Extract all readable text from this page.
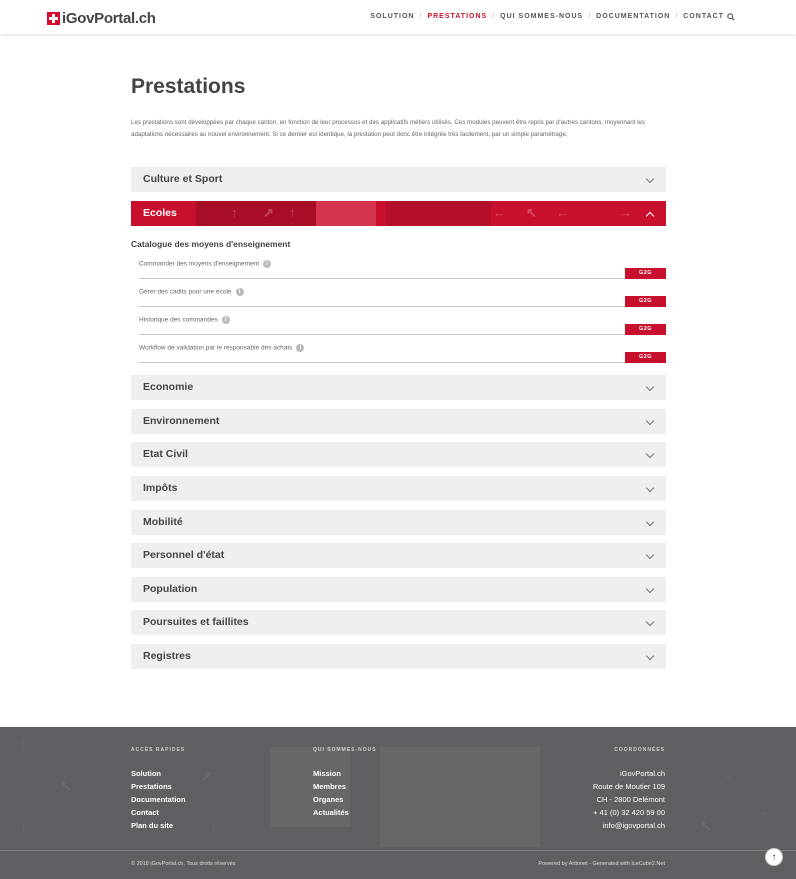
iGovPortal.ch	SOLUTION / PRESTATIONS / QUI SOMMES-NOUS / DOCUMENTATION / CONTACT
Prestations

Les prestations sont développées par chaque canton, en fonction de leur processus et des applicatifs métiers utilisés. Ces modules peuvent être repris par d'autres cantons, moyennant les adaptations nécessaires au nouvel environnement. Si ce dernier est identique, la prestation peut donc être intégrée très facilement, par un simple paramétrage.

Culture et Sport
↑ ↗ ↑	← ↖ ←	→
Ecoles
Catalogue des moyens d'enseignement
Commander des moyens d'enseignement i
G2G
Gérer des cadits pour une école i
G2G
Historique des commandes i
G2G
Workflow de validation par le responsable des achats i
G2G
Economie
Environnement
Etat Civil
Impôts
Mobilité
Personnel d'état
Population
Poursuites et faillites
Registres
↑
↖
↓
↗
↓
→
↖
↑
ACCÈS RAPIDES
Solution
Prestations
Documentation
Contact
Plan du site
QUI SOMMES-NOUS
Mission
Membres
Organes
Actualités
COORDONNÉES
iGovPortal.ch
Route de Moutier 109
CH - 2800 Delémont
+ 41 (0) 32 420 59 00
info@igovportal.ch
© 2018 iGovPortal.ch. Tous droits réservés	Powered by Artionet - Generated with IceCube2.Net
↑
